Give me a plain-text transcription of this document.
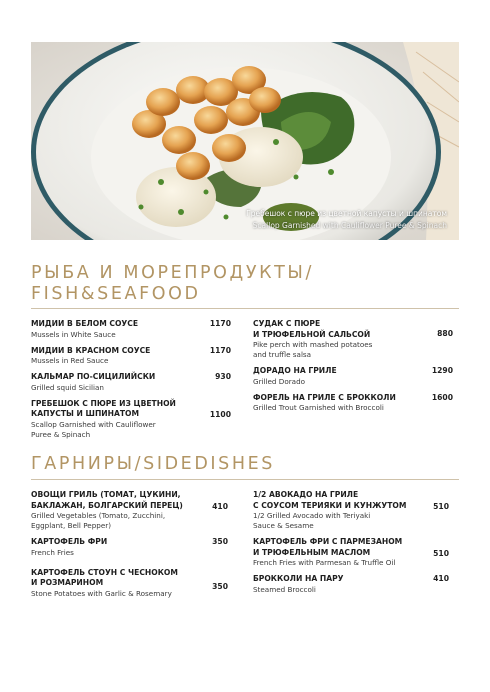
Гребешок с пюре из цветной капусты и шпинатом
Scallop Garnished with Cauliflower Puree & Spinach
РЫБА И МОРЕПРОДУКТЫ/
FISH&SEAFOOD
МИДИИ В БЕЛОМ СОУСЕ
Mussels in White Sauce
1170
МИДИИ В КРАСНОМ СОУСЕ
Mussels in Red Sauce
1170
КАЛЬМАР ПО-СИЦИЛИЙСКИ
Grilled squid Sicilian
930
ГРЕБЕШОК С ПЮРЕ ИЗ ЦВЕТНОЙ
КАПУСТЫ И ШПИНАТОМ
Scallop Garnished with Cauliflower
Puree & Spinach
1100
СУДАК С ПЮРЕ
И ТРЮФЕЛЬНОЙ САЛЬСОЙ
Pike perch with mashed potatoes
and truffle salsa
880
ДОРАДО НА ГРИЛЕ
Grilled Dorado
1290
ФОРЕЛЬ НА ГРИЛЕ С БРОККОЛИ
Grilled Trout Garnished with Broccoli
1600
ГАРНИРЫ/SIDEDISHES
ОВОЩИ ГРИЛЬ (ТОМАТ, ЦУКИНИ,
БАКЛАЖАН, БОЛГАРСКИЙ ПЕРЕЦ)
Grilled Vegetables (Tomato, Zucchini,
Eggplant, Bell Pepper)
410
КАРТОФЕЛЬ ФРИ
French Fries
350
КАРТОФЕЛЬ СТОУН С ЧЕСНОКОМ
И РОЗМАРИНОМ
Stone Potatoes with Garlic & Rosemary
350
1/2 АВОКАДО НА ГРИЛЕ
С СОУСОМ ТЕРИЯКИ И КУНЖУТОМ
1/2 Grilled Avocado with Teriyaki
Sauce & Sesame
510
КАРТОФЕЛЬ ФРИ С ПАРМЕЗАНОМ
И ТРЮФЕЛЬНЫМ МАСЛОМ
French Fries with Parmesan & Truffle Oil
510
БРОККОЛИ НА ПАРУ
Steamed Broccoli
410
